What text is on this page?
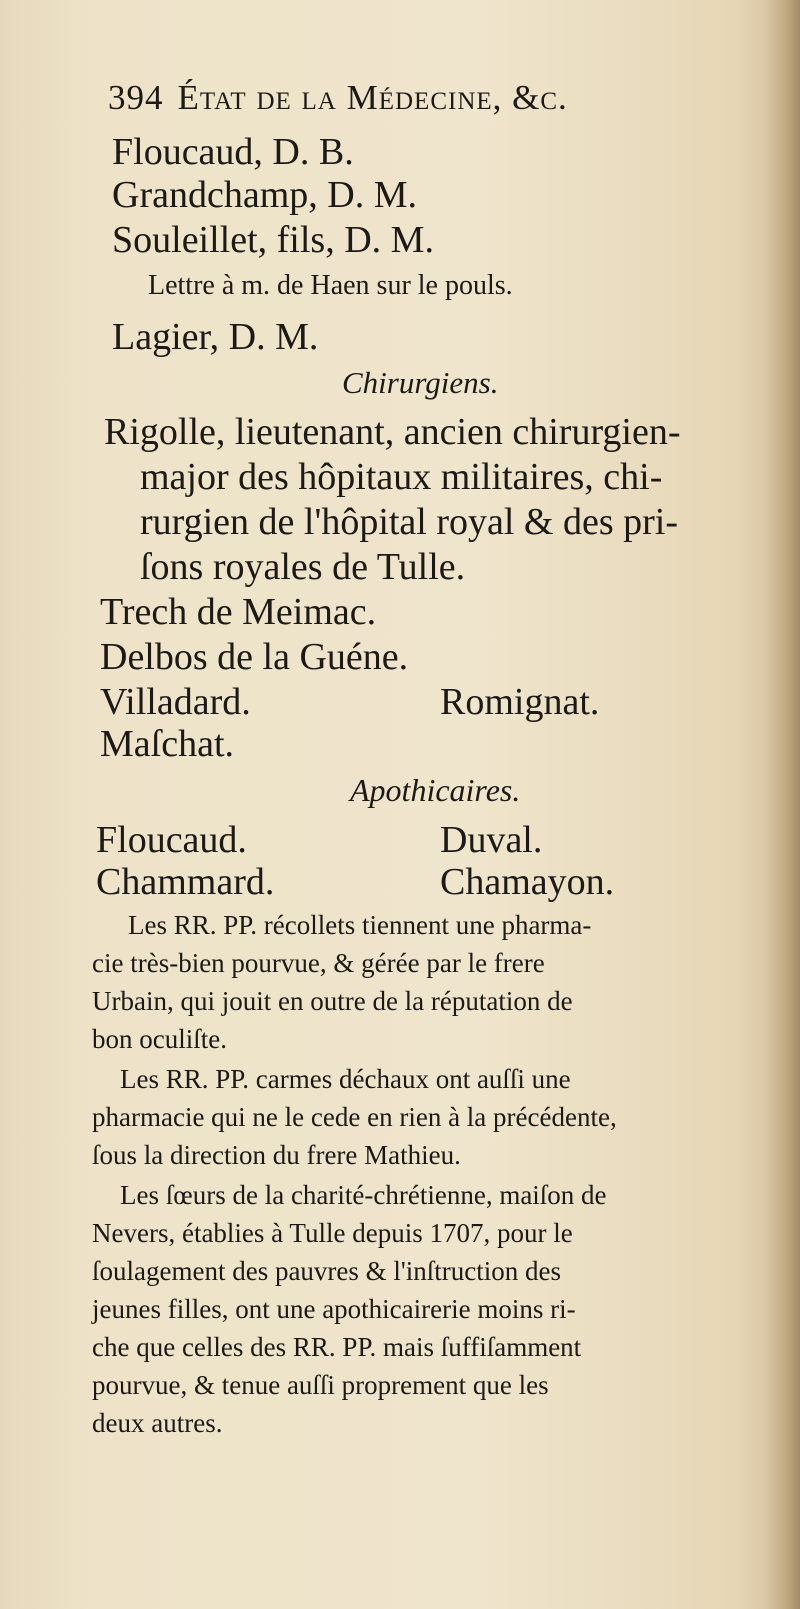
394 État de la Médecine, &c.
Floucaud, D. B.
Grandchamp, D. M.
Souleillet, fils, D. M.
Lettre à m. de Haen sur le pouls.
Lagier, D. M.
Chirurgiens.
Rigolle, lieutenant, ancien chirurgien-
major des hôpitaux militaires, chi-
rurgien de l'hôpital royal & des pri-
ſons royales de Tulle.
Trech de Meimac.
Delbos de la Guéne.
Villadard.	Romignat.
Maſchat.
Apothicaires.
Floucaud.	Duval.
Chammard.	Chamayon.
Les RR. PP. récollets tiennent une pharma-
cie très-bien pourvue, & gérée par le frere
Urbain, qui jouit en outre de la réputation de
bon oculiſte.
Les RR. PP. carmes déchaux ont auſſi une
pharmacie qui ne le cede en rien à la précédente,
ſous la direction du frere Mathieu.
Les ſœurs de la charité-chrétienne, maiſon de
Nevers, établies à Tulle depuis 1707, pour le
ſoulagement des pauvres & l'inſtruction des
jeunes filles, ont une apothicairerie moins ri-
che que celles des RR. PP. mais ſuffiſamment
pourvue, & tenue auſſi proprement que les
deux autres.
